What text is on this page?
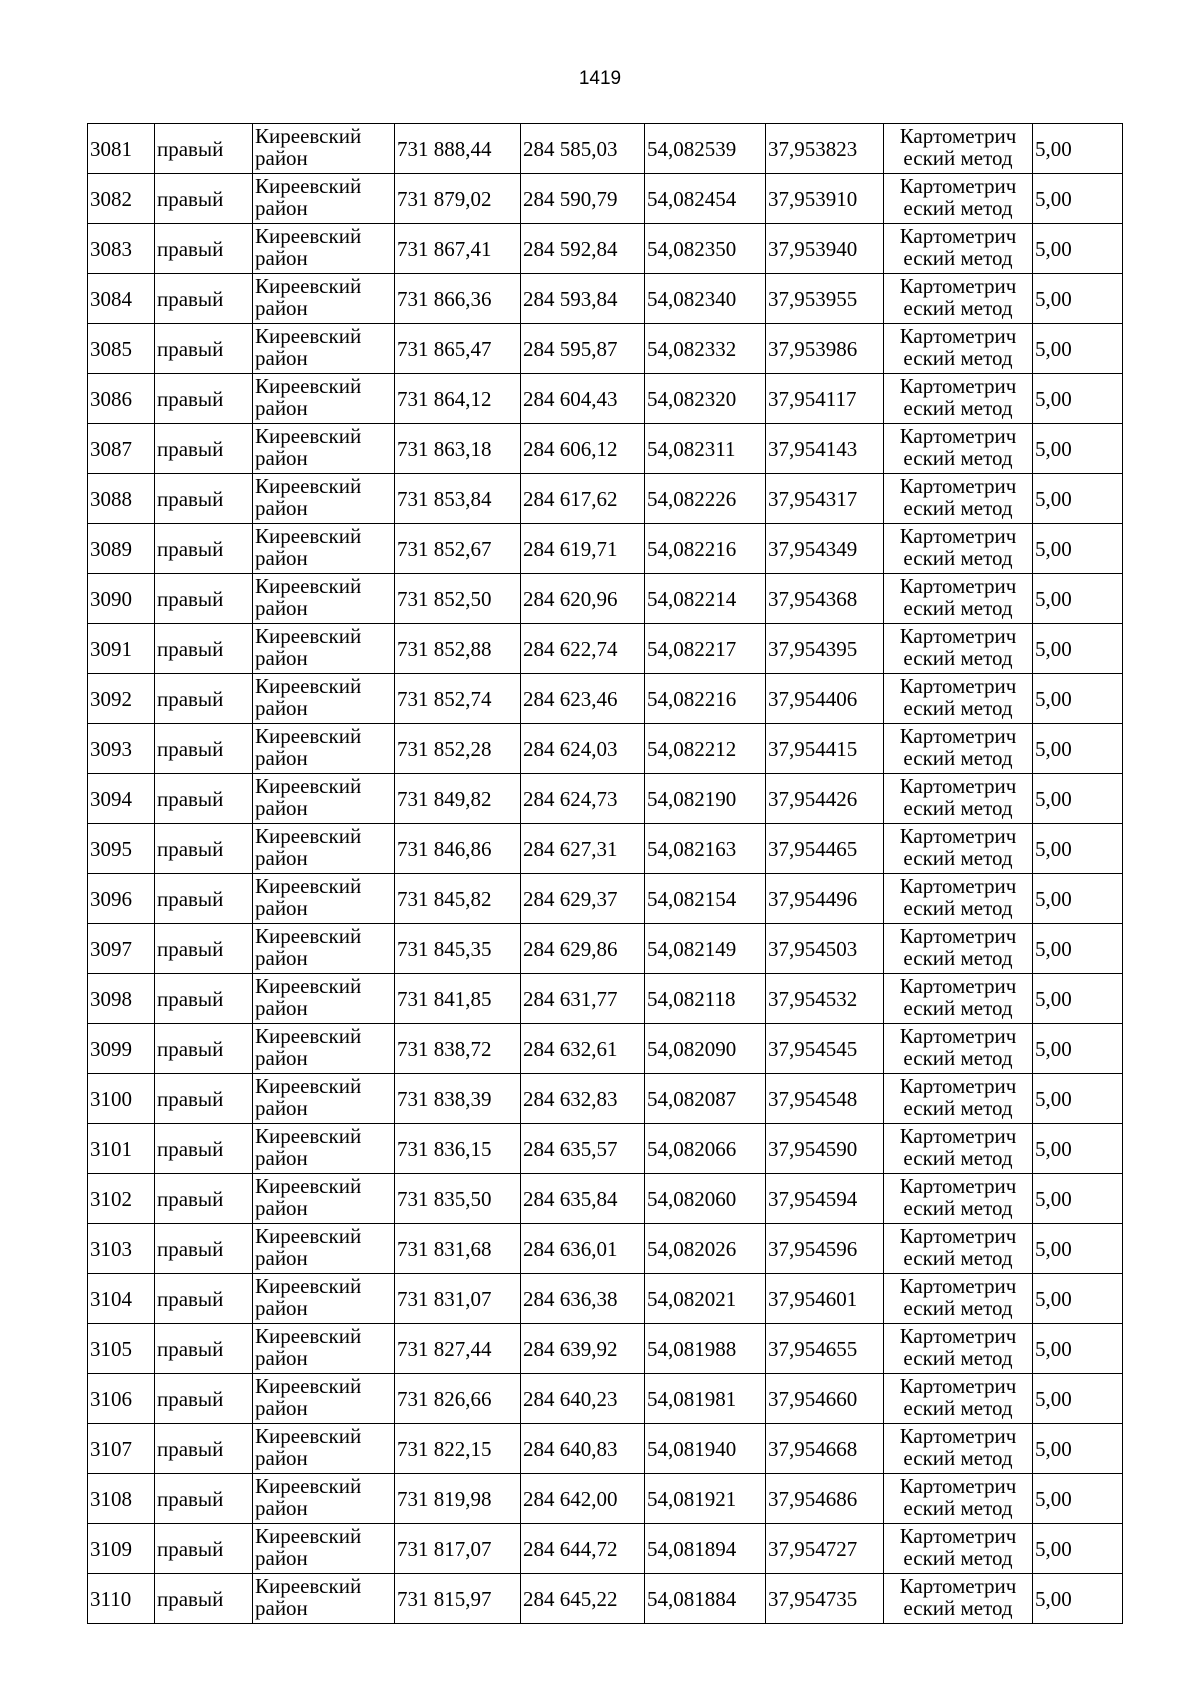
1419
3081	правый	Киреевский район	731 888,44	284 585,03	54,082539	37,953823	Картометрич еский метод	5,00
3082	правый	Киреевский район	731 879,02	284 590,79	54,082454	37,953910	Картометрич еский метод	5,00
3083	правый	Киреевский район	731 867,41	284 592,84	54,082350	37,953940	Картометрич еский метод	5,00
3084	правый	Киреевский район	731 866,36	284 593,84	54,082340	37,953955	Картометрич еский метод	5,00
3085	правый	Киреевский район	731 865,47	284 595,87	54,082332	37,953986	Картометрич еский метод	5,00
3086	правый	Киреевский район	731 864,12	284 604,43	54,082320	37,954117	Картометрич еский метод	5,00
3087	правый	Киреевский район	731 863,18	284 606,12	54,082311	37,954143	Картометрич еский метод	5,00
3088	правый	Киреевский район	731 853,84	284 617,62	54,082226	37,954317	Картометрич еский метод	5,00
3089	правый	Киреевский район	731 852,67	284 619,71	54,082216	37,954349	Картометрич еский метод	5,00
3090	правый	Киреевский район	731 852,50	284 620,96	54,082214	37,954368	Картометрич еский метод	5,00
3091	правый	Киреевский район	731 852,88	284 622,74	54,082217	37,954395	Картометрич еский метод	5,00
3092	правый	Киреевский район	731 852,74	284 623,46	54,082216	37,954406	Картометрич еский метод	5,00
3093	правый	Киреевский район	731 852,28	284 624,03	54,082212	37,954415	Картометрич еский метод	5,00
3094	правый	Киреевский район	731 849,82	284 624,73	54,082190	37,954426	Картометрич еский метод	5,00
3095	правый	Киреевский район	731 846,86	284 627,31	54,082163	37,954465	Картометрич еский метод	5,00
3096	правый	Киреевский район	731 845,82	284 629,37	54,082154	37,954496	Картометрич еский метод	5,00
3097	правый	Киреевский район	731 845,35	284 629,86	54,082149	37,954503	Картометрич еский метод	5,00
3098	правый	Киреевский район	731 841,85	284 631,77	54,082118	37,954532	Картометрич еский метод	5,00
3099	правый	Киреевский район	731 838,72	284 632,61	54,082090	37,954545	Картометрич еский метод	5,00
3100	правый	Киреевский район	731 838,39	284 632,83	54,082087	37,954548	Картометрич еский метод	5,00
3101	правый	Киреевский район	731 836,15	284 635,57	54,082066	37,954590	Картометрич еский метод	5,00
3102	правый	Киреевский район	731 835,50	284 635,84	54,082060	37,954594	Картометрич еский метод	5,00
3103	правый	Киреевский район	731 831,68	284 636,01	54,082026	37,954596	Картометрич еский метод	5,00
3104	правый	Киреевский район	731 831,07	284 636,38	54,082021	37,954601	Картометрич еский метод	5,00
3105	правый	Киреевский район	731 827,44	284 639,92	54,081988	37,954655	Картометрич еский метод	5,00
3106	правый	Киреевский район	731 826,66	284 640,23	54,081981	37,954660	Картометрич еский метод	5,00
3107	правый	Киреевский район	731 822,15	284 640,83	54,081940	37,954668	Картометрич еский метод	5,00
3108	правый	Киреевский район	731 819,98	284 642,00	54,081921	37,954686	Картометрич еский метод	5,00
3109	правый	Киреевский район	731 817,07	284 644,72	54,081894	37,954727	Картометрич еский метод	5,00
3110	правый	Киреевский район	731 815,97	284 645,22	54,081884	37,954735	Картометрич еский метод	5,00
